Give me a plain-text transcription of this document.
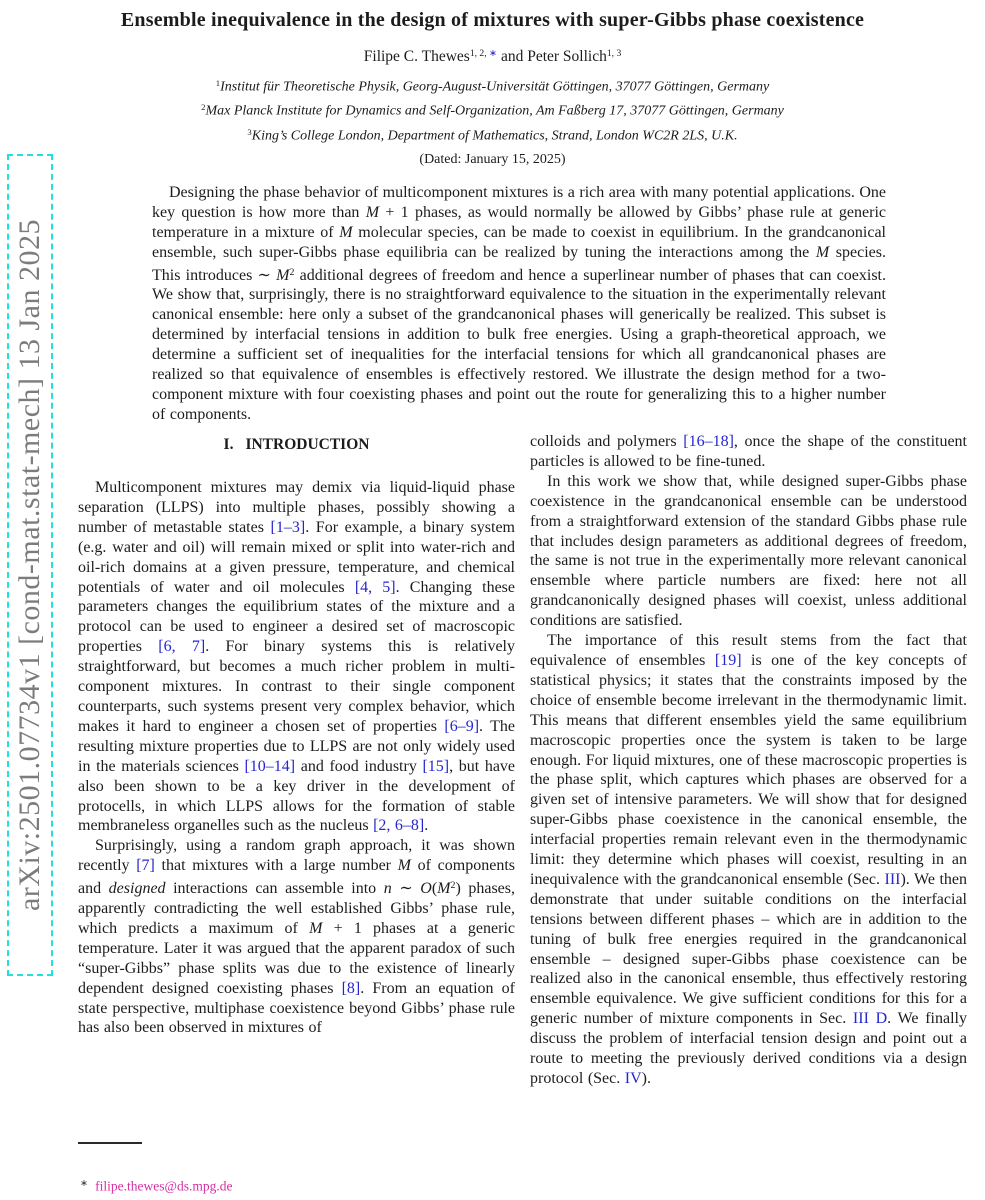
arXiv:2501.07734v1 [cond-mat.stat-mech] 13 Jan 2025
Ensemble inequivalence in the design of mixtures with super-Gibbs phase coexistence
Filipe C. Thewes$^{1, 2,}$ ∗ and Peter Sollich$^{1, 3}$
$^1$Institut für Theoretische Physik, Georg-August-Universität Göttingen, 37077 Göttingen, Germany
$^2$Max Planck Institute for Dynamics and Self-Organization, Am Faßberg 17, 37077 Göttingen, Germany
$^3$King’s College London, Department of Mathematics, Strand, London WC2R 2LS, U.K.
(Dated: January 15, 2025)

Designing the phase behavior of multicomponent mixtures is a rich area with many potential applications. One key question is how more than M + 1 phases, as would normally be allowed by Gibbs’ phase rule at generic temperature in a mixture of M molecular species, can be made to coexist in equilibrium. In the grandcanonical ensemble, such super-Gibbs phase equilibria can be realized by tuning the interactions among the M species. This introduces ∼ $M^2$ additional degrees of freedom and hence a superlinear number of phases that can coexist. We show that, surprisingly, there is no straightforward equivalence to the situation in the experimentally relevant canonical ensemble: here only a subset of the grandcanonical phases will generically be realized. This subset is determined by interfacial tensions in addition to bulk free energies. Using a graph-theoretical approach, we determine a sufficient set of inequalities for the interfacial tensions for which all grandcanonical phases are realized so that equivalence of ensembles is effectively restored. We illustrate the design method for a two-component mixture with four coexisting phases and point out the route for generalizing this to a higher number of components.

I. INTRODUCTION

Multicomponent mixtures may demix via liquid-liquid phase separation (LLPS) into multiple phases, possibly showing a number of metastable states [1–3]. For example, a binary system (e.g. water and oil) will remain mixed or split into water-rich and oil-rich domains at a given pressure, temperature, and chemical potentials of water and oil molecules [4, 5]. Changing these parameters changes the equilibrium states of the mixture and a protocol can be used to engineer a desired set of macroscopic properties [6, 7]. For binary systems this is relatively straightforward, but becomes a much richer problem in multi-component mixtures. In contrast to their single component counterparts, such systems present very complex behavior, which makes it hard to engineer a chosen set of properties [6–9]. The resulting mixture properties due to LLPS are not only widely used in the materials sciences [10–14] and food industry [15], but have also been shown to be a key driver in the development of protocells, in which LLPS allows for the formation of stable membraneless organelles such as the nucleus [2, 6–8].

Surprisingly, using a random graph approach, it was shown recently [7] that mixtures with a large number M of components and designed interactions can assemble into n ∼ $O(M^2)$ phases, apparently contradicting the well established Gibbs’ phase rule, which predicts a maximum of M + 1 phases at a generic temperature. Later it was argued that the apparent paradox of such “super-Gibbs” phase splits was due to the existence of linearly dependent designed coexisting phases [8]. From an equation of state perspective, multiphase coexistence beyond Gibbs’ phase rule has also been observed in mixtures of

colloids and polymers [16–18], once the shape of the constituent particles is allowed to be fine-tuned.

In this work we show that, while designed super-Gibbs phase coexistence in the grandcanonical ensemble can be understood from a straightforward extension of the standard Gibbs phase rule that includes design parameters as additional degrees of freedom, the same is not true in the experimentally more relevant canonical ensemble where particle numbers are fixed: here not all grandcanonically designed phases will coexist, unless additional conditions are satisfied.

The importance of this result stems from the fact that equivalence of ensembles [19] is one of the key concepts of statistical physics; it states that the constraints imposed by the choice of ensemble become irrelevant in the thermodynamic limit. This means that different ensembles yield the same equilibrium macroscopic properties once the system is taken to be large enough. For liquid mixtures, one of these macroscopic properties is the phase split, which captures which phases are observed for a given set of intensive parameters. We will show that for designed super-Gibbs phase coexistence in the canonical ensemble, the interfacial properties remain relevant even in the thermodynamic limit: they determine which phases will coexist, resulting in an inequivalence with the grandcanonical ensemble (Sec. III). We then demonstrate that under suitable conditions on the interfacial tensions between different phases – which are in addition to the tuning of bulk free energies required in the grandcanonical ensemble – designed super-Gibbs phase coexistence can be realized also in the canonical ensemble, thus effectively restoring ensemble equivalence. We give sufficient conditions for this for a generic number of mixture components in Sec. III D. We finally discuss the problem of interfacial tension design and point out a route to meeting the previously derived conditions via a design protocol (Sec. IV).

∗ filipe.thewes@ds.mpg.de
